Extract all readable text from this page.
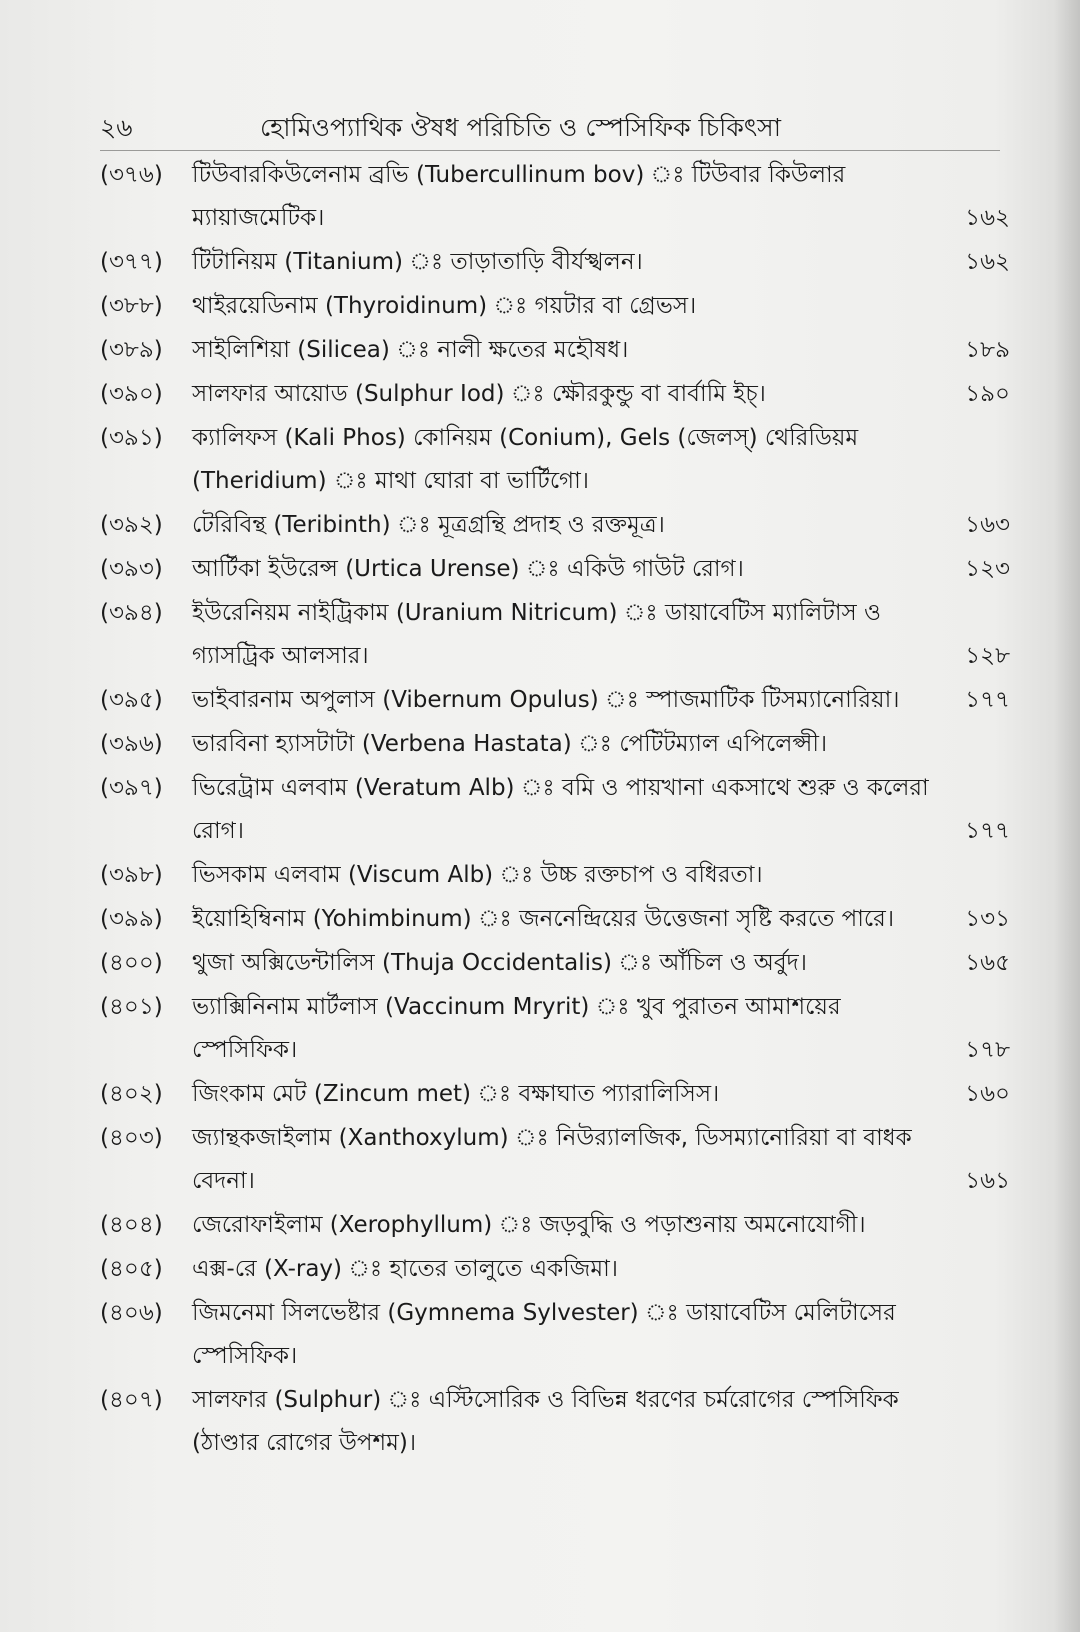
২৬	হোমিওপ্যাথিক ঔষধ পরিচিতি ও স্পেসিফিক চিকিৎসা
(৩৭৬)	টিউবারকিউলেনাম ব্রভি (Tubercullinum bov) ঃ টিউবার কিউলার
ম্যায়াজমেটিক।	১৬২
(৩৭৭)	টিটানিয়ম (Titanium) ঃ তাড়াতাড়ি বীর্যস্খলন।	১৬২
(৩৮৮)	থাইরয়েডিনাম (Thyroidinum) ঃ গয়টার বা গ্রেভস।
(৩৮৯)	সাইলিশিয়া (Silicea) ঃ নালী ক্ষতের মহৌষধ।	১৮৯
(৩৯০)	সালফার আয়োড (Sulphur Iod) ঃ ক্ষৌরকুন্ডু বা বার্বামি ইচ্।	১৯০
(৩৯১)	ক্যালিফস (Kali Phos) কোনিয়ম (Conium), Gels (জেলস্) থেরিডিয়ম
(Theridium) ঃ মাথা ঘোরা বা ভার্টিগো।
(৩৯২)	টেরিবিন্থ (Teribinth) ঃ মূত্রগ্রন্থি প্রদাহ ও রক্তমূত্র।	১৬৩
(৩৯৩)	আর্টিকা ইউরেন্স (Urtica Urense) ঃ একিউ গাউট রোগ।	১২৩
(৩৯৪)	ইউরেনিয়ম নাইট্রিকাম (Uranium Nitricum) ঃ ডায়াবেটিস ম্যালিটাস ও
গ্যাসট্রিক আলসার।	১২৮
(৩৯৫)	ভাইবারনাম অপুলাস (Vibernum Opulus) ঃ স্পাজমাটিক টিসম্যানোরিয়া।	১৭৭
(৩৯৬)	ভারবিনা হ্যাসটাটা (Verbena Hastata) ঃ পেটিটম্যাল এপিলেপ্সী।
(৩৯৭)	ভিরেট্রাম এলবাম (Veratum Alb) ঃ বমি ও পায়খানা একসাথে শুরু ও কলেরা
রোগ।	১৭৭
(৩৯৮)	ভিসকাম এলবাম (Viscum Alb) ঃ উচ্চ রক্তচাপ ও বধিরতা।
(৩৯৯)	ইয়োহিম্বিনাম (Yohimbinum) ঃ জননেন্দ্রিয়ের উত্তেজনা সৃষ্টি করতে পারে।	১৩১
(৪০০)	থুজা অক্সিডেন্টালিস (Thuja Occidentalis) ঃ আঁচিল ও অর্বুদ।	১৬৫
(৪০১)	ভ্যাক্সিনিনাম মার্টলাস (Vaccinum Mryrit) ঃ খুব পুরাতন আমাশয়ের
স্পেসিফিক।	১৭৮
(৪০২)	জিংকাম মেট (Zincum met) ঃ বক্ষাঘাত প্যারালিসিস।	১৬০
(৪০৩)	জ্যান্থকজাইলাম (Xanthoxylum) ঃ নিউর‍্যালজিক, ডিসম্যানোরিয়া বা বাধক
বেদনা।	১৬১
(৪০৪)	জেরোফাইলাম (Xerophyllum) ঃ জড়বুদ্ধি ও পড়াশুনায় অমনোযোগী।
(৪০৫)	এক্স-রে (X-ray) ঃ হাতের তালুতে একজিমা।
(৪০৬)	জিমনেমা সিলভেষ্টার (Gymnema Sylvester) ঃ ডায়াবেটিস মেলিটাসের
স্পেসিফিক।
(৪০৭)	সালফার (Sulphur) ঃ এস্টিসোরিক ও বিভিন্ন ধরণের চর্মরোগের স্পেসিফিক
(ঠাণ্ডার রোগের উপশম)।
